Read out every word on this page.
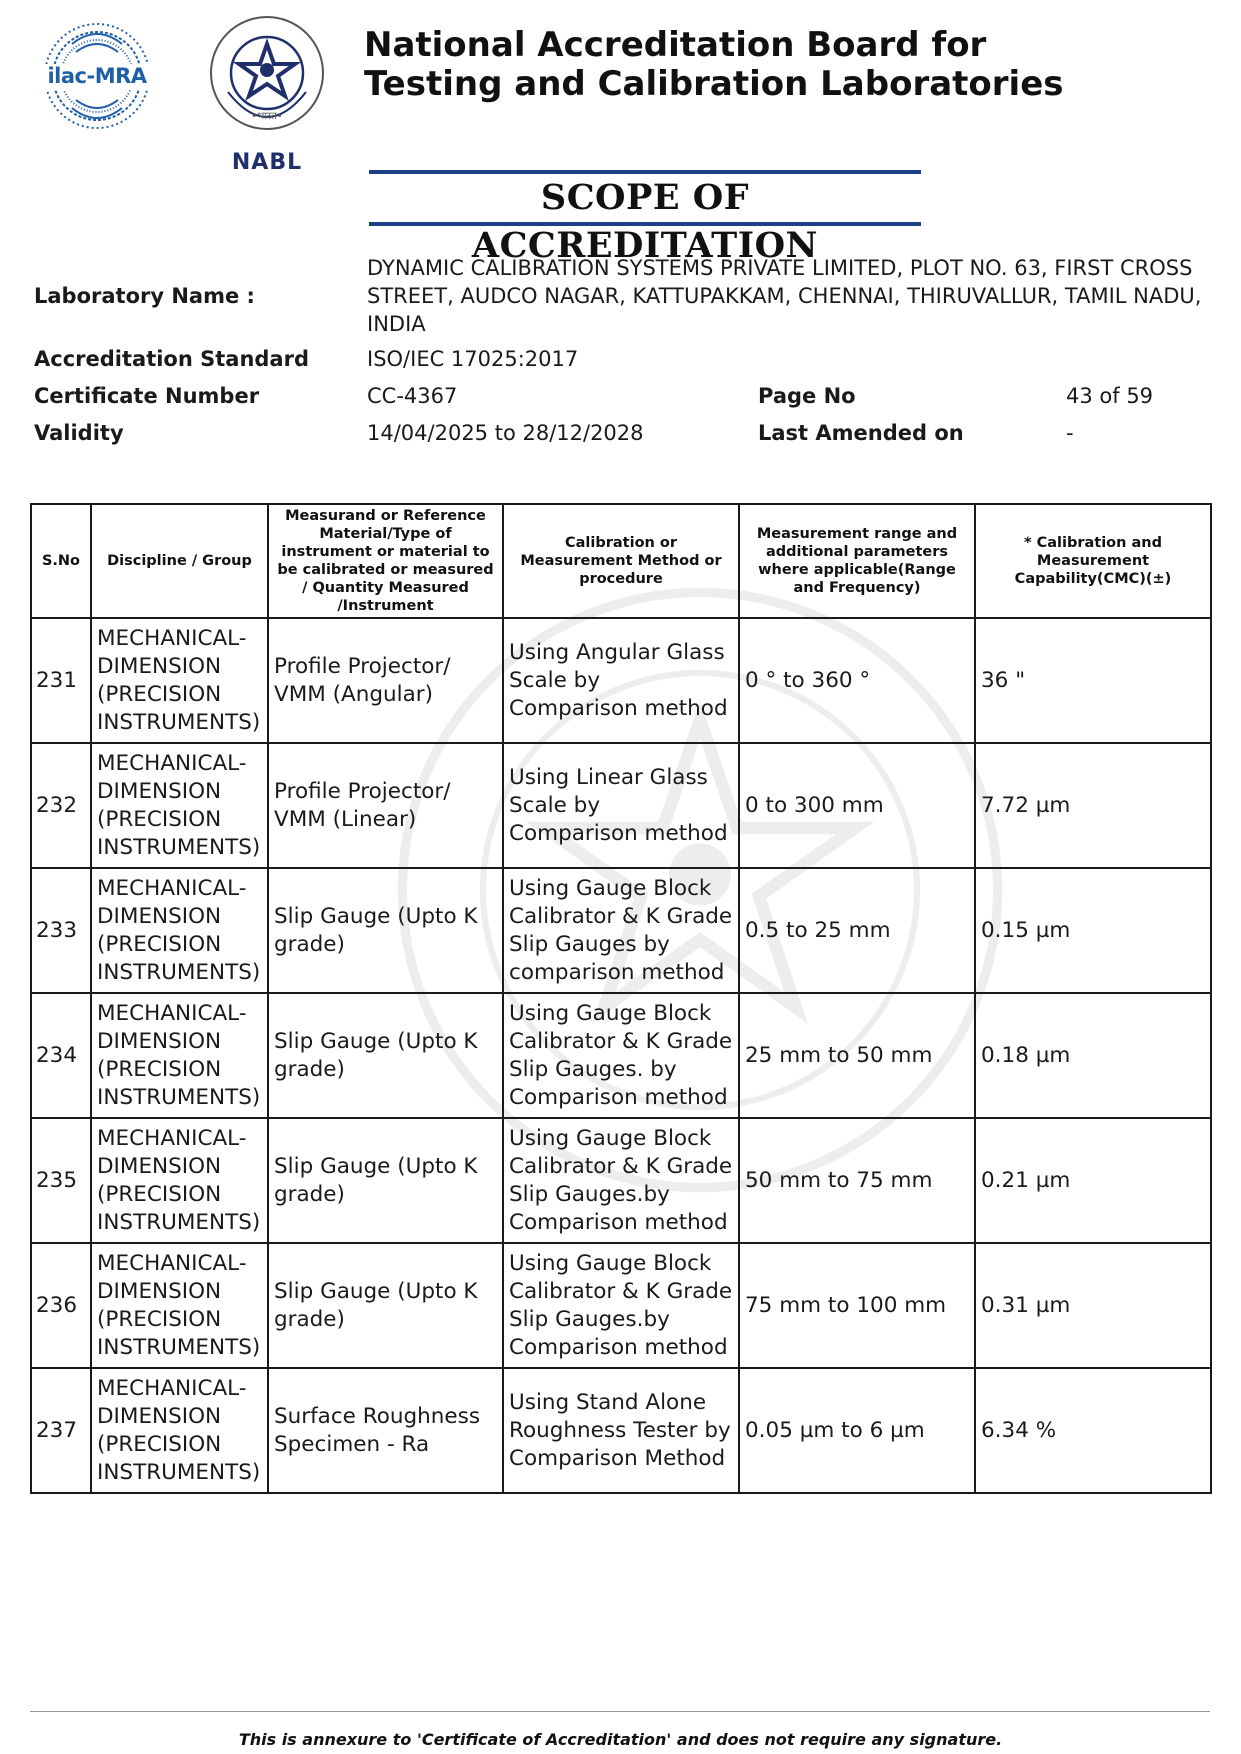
ilac-MRA
•भारत•
NABL
National Accreditation Board for
Testing and Calibration Laboratories
SCOPE OF ACCREDITATION
Laboratory Name :
DYNAMIC CALIBRATION SYSTEMS PRIVATE LIMITED, PLOT NO. 63, FIRST CROSS
STREET, AUDCO NAGAR, KATTUPAKKAM, CHENNAI, THIRUVALLUR, TAMIL NADU,
INDIA
Accreditation Standard	ISO/IEC 17025:2017
Certificate Number	CC-4367	Page No	43 of 59
Validity	14/04/2025 to 28/12/2028	Last Amended on	-
S.No	Discipline / Group	Measurand or Reference Material/Type of instrument or material to be calibrated or measured / Quantity Measured /Instrument	Calibration or Measurement Method or procedure	Measurement range and additional parameters where applicable(Range and Frequency)	* Calibration and Measurement Capability(CMC)(±)
231	MECHANICAL- DIMENSION (PRECISION INSTRUMENTS)	Profile Projector/ VMM (Angular)	Using Angular Glass Scale by Comparison method	0 ° to 360 °	36 "
232	MECHANICAL- DIMENSION (PRECISION INSTRUMENTS)	Profile Projector/ VMM (Linear)	Using Linear Glass Scale by Comparison method	0 to 300 mm	7.72 µm
233	MECHANICAL- DIMENSION (PRECISION INSTRUMENTS)	Slip Gauge (Upto K grade)	Using Gauge Block Calibrator & K Grade Slip Gauges by comparison method	0.5 to 25 mm	0.15 µm
234	MECHANICAL- DIMENSION (PRECISION INSTRUMENTS)	Slip Gauge (Upto K grade)	Using Gauge Block Calibrator & K Grade Slip Gauges. by Comparison method	25 mm to 50 mm	0.18 µm
235	MECHANICAL- DIMENSION (PRECISION INSTRUMENTS)	Slip Gauge (Upto K grade)	Using Gauge Block Calibrator & K Grade Slip Gauges.by Comparison method	50 mm to 75 mm	0.21 µm
236	MECHANICAL- DIMENSION (PRECISION INSTRUMENTS)	Slip Gauge (Upto K grade)	Using Gauge Block Calibrator & K Grade Slip Gauges.by Comparison method	75 mm to 100 mm	0.31 µm
237	MECHANICAL- DIMENSION (PRECISION INSTRUMENTS)	Surface Roughness Specimen - Ra	Using Stand Alone Roughness Tester by Comparison Method	0.05 µm to 6 µm	6.34 %
This is annexure to 'Certificate of Accreditation' and does not require any signature.
